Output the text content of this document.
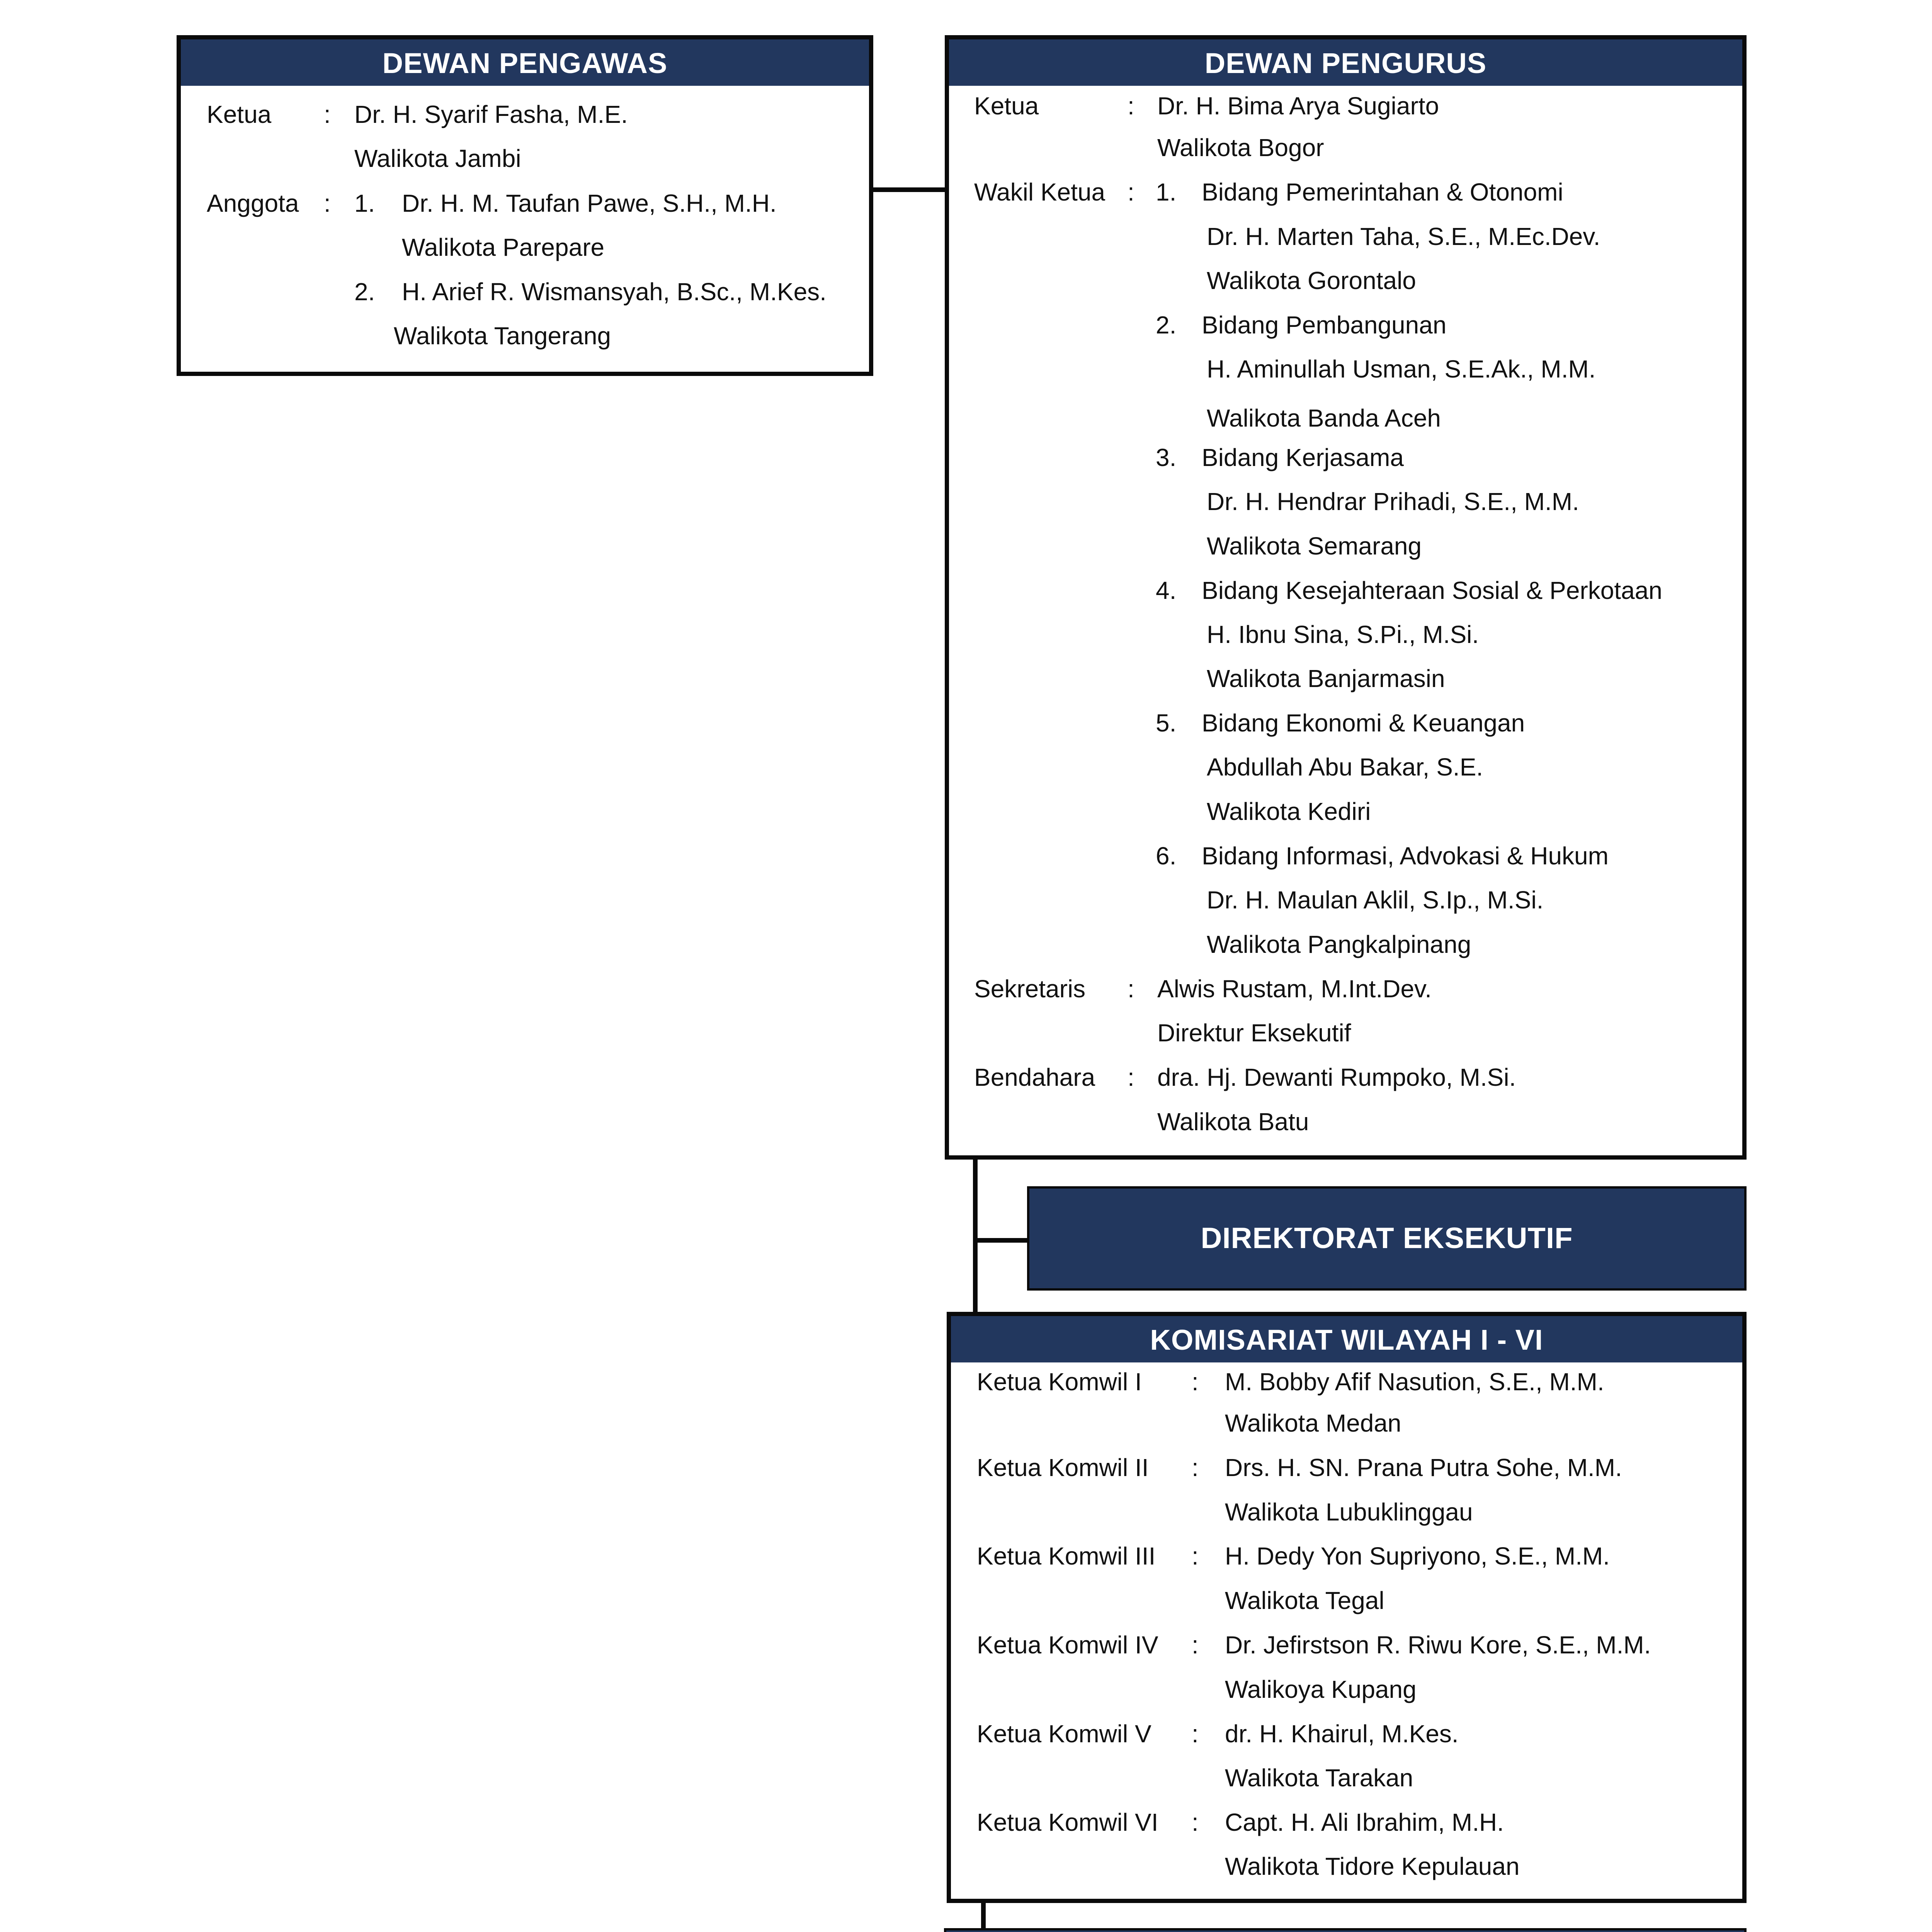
DEWAN PENGAWAS
Ketua : Dr. H. Syarif Fasha, M.E.
Walikota Jambi
Anggota : 1. Dr. H. M. Taufan Pawe, S.H., M.H.
Walikota Parepare
2. H. Arief R. Wismansyah, B.Sc., M.Kes.
Walikota Tangerang
DEWAN PENGURUS
Ketua	: Dr. H. Bima Arya Sugiarto
Walikota Bogor
Wakil Ketua : 1. Bidang Pemerintahan & Otonomi
Dr. H. Marten Taha, S.E., M.Ec.Dev.
Walikota Gorontalo
2. Bidang Pembangunan
H. Aminullah Usman, S.E.Ak., M.M.
Walikota Banda Aceh
3. Bidang Kerjasama
Dr. H. Hendrar Prihadi, S.E., M.M.
Walikota Semarang
4. Bidang Kesejahteraan Sosial & Perkotaan
H. Ibnu Sina, S.Pi., M.Si.
Walikota Banjarmasin
5. Bidang Ekonomi & Keuangan
Abdullah Abu Bakar, S.E.
Walikota Kediri
6. Bidang Informasi, Advokasi & Hukum
Dr. H. Maulan Aklil, S.Ip., M.Si.
Walikota Pangkalpinang
Sekretaris : Alwis Rustam, M.Int.Dev.
Direktur Eksekutif
Bendahara : dra. Hj. Dewanti Rumpoko, M.Si.
Walikota Batu
DIREKTORAT EKSEKUTIF
KOMISARIAT WILAYAH I - VI
Ketua Komwil I : M. Bobby Afif Nasution, S.E., M.M.
Walikota Medan
Ketua Komwil II : Drs. H. SN. Prana Putra Sohe, M.M.
Walikota Lubuklinggau
Ketua Komwil III : H. Dedy Yon Supriyono, S.E., M.M.
Walikota Tegal
Ketua Komwil IV : Dr. Jefirstson R. Riwu Kore, S.E., M.M.
Walikoya Kupang
Ketua Komwil V : dr. H. Khairul, M.Kes.
Walikota Tarakan
Ketua Komwil VI : Capt. H. Ali Ibrahim, M.H.
Walikota Tidore Kepulauan
